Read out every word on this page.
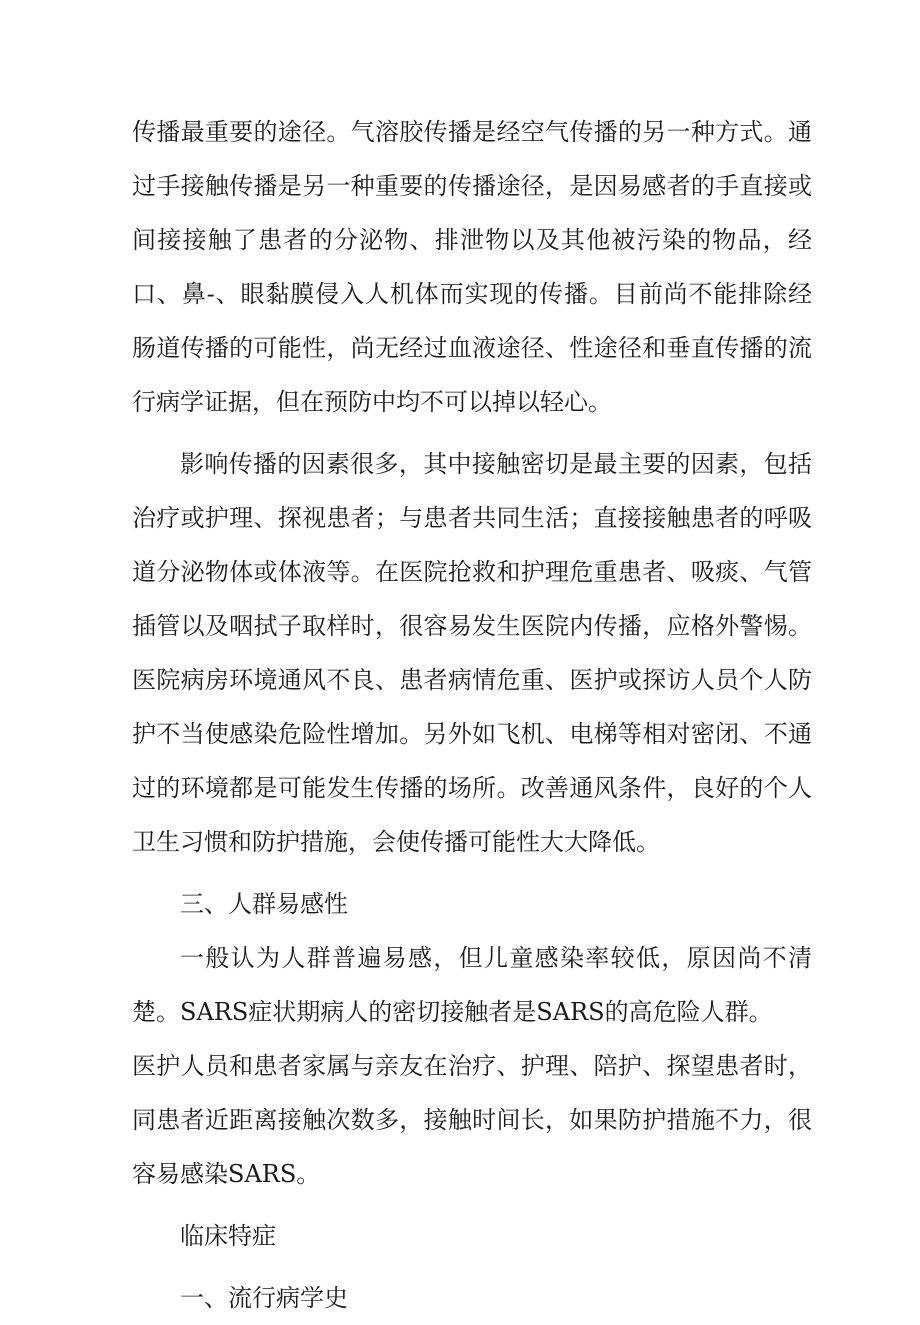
传播最重要的途径。气溶胶传播是经空气传播的另一种方式。通过手接触传播是另一种重要的传播途径，是因易感者的手直接或间接接触了患者的分泌物、排泄物以及其他被污染的物品，经口、鼻-、眼黏膜侵入人机体而实现的传播。目前尚不能排除经肠道传播的可能性，尚无经过血液途径、性途径和垂直传播的流行病学证据，但在预防中均不可以掉以轻心。

影响传播的因素很多，其中接触密切是最主要的因素，包括治疗或护理、探视患者；与患者共同生活；直接接触患者的呼吸道分泌物体或体液等。在医院抢救和护理危重患者、吸痰、气管插管以及咽拭子取样时，很容易发生医院内传播，应格外警惕。医院病房环境通风不良、患者病情危重、医护或探访人员个人防护不当使感染危险性增加。另外如飞机、电梯等相对密闭、不通过的环境都是可能发生传播的场所。改善通风条件，良好的个人卫生习惯和防护措施，会使传播可能性大大降低。

三、人群易感性

一般认为人群普遍易感，但儿童感染率较低，原因尚不清楚。SARS症状期病人的密切接触者是SARS的高危险人群。

医护人员和患者家属与亲友在治疗、护理、陪护、探望患者时，同患者近距离接触次数多，接触时间长，如果防护措施不力，很容易感染SARS。

临床特症

一、流行病学史
